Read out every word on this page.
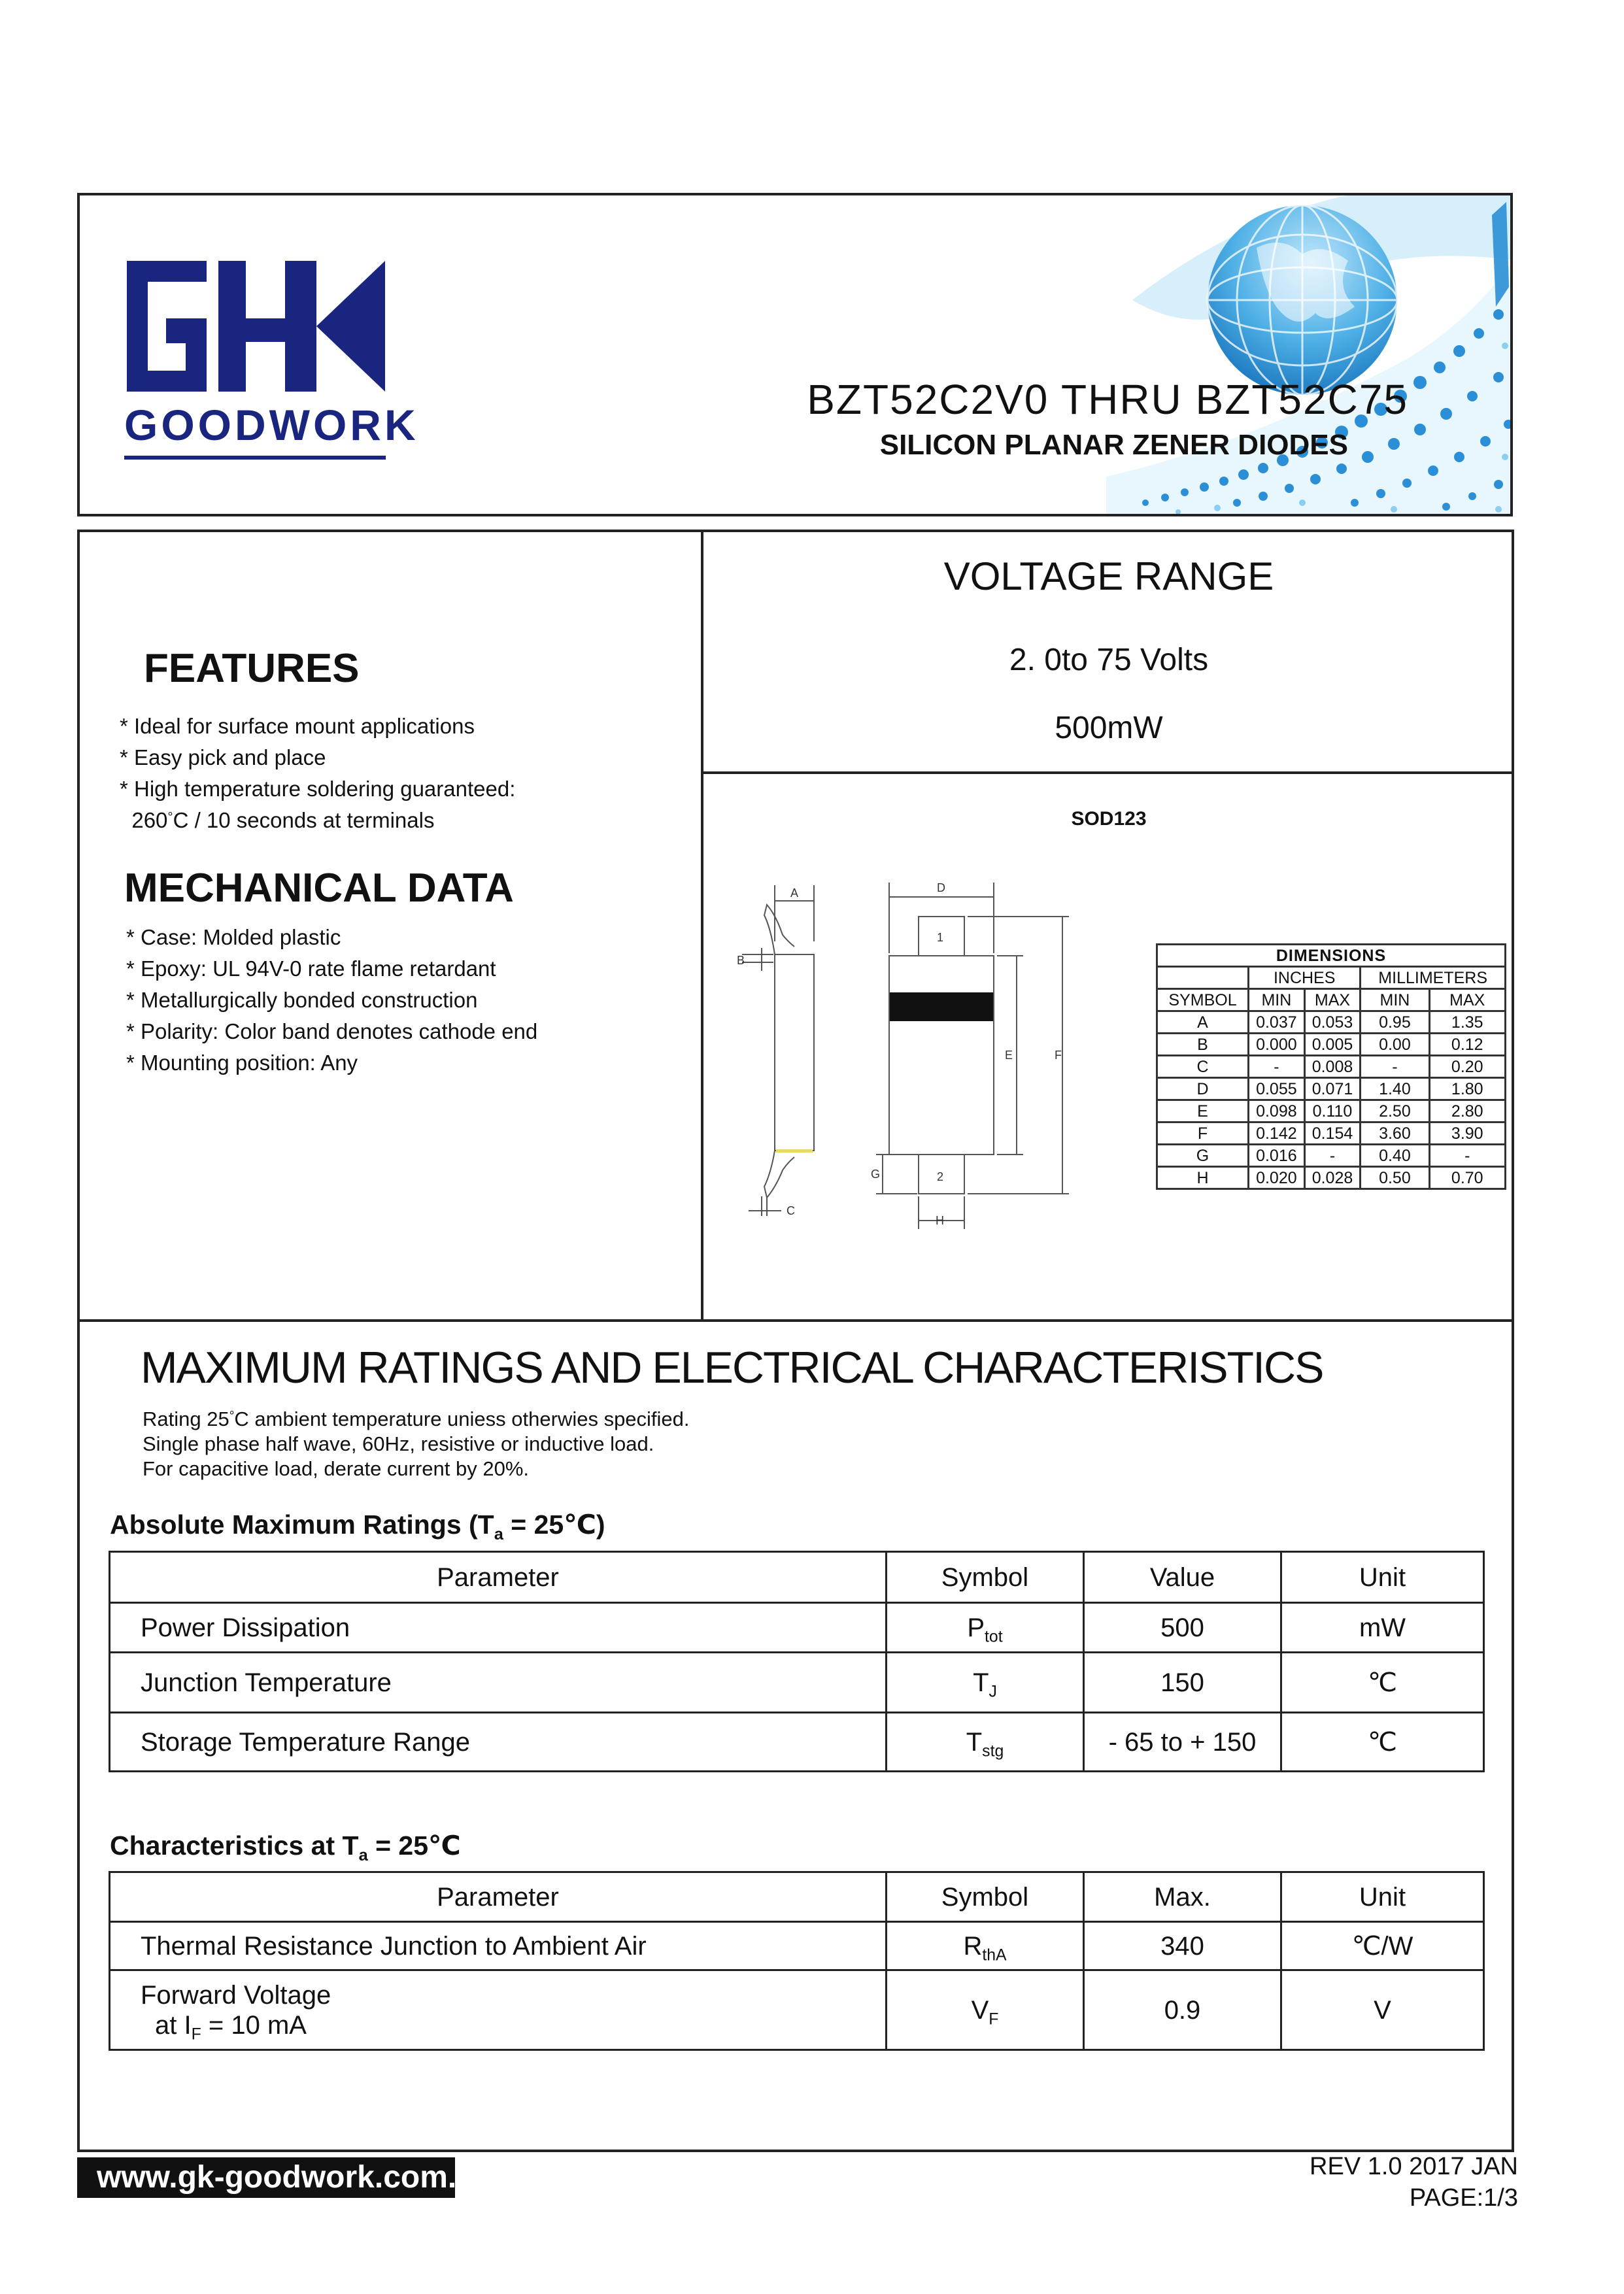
GOODWORK
BZT52C2V0 THRU BZT52C75
SILICON PLANAR ZENER DIODES
FEATURES
* Ideal for surface mount applications
* Easy pick and place
* High temperature soldering guaranteed:
260°C / 10 seconds at terminals
MECHANICAL DATA
* Case: Molded plastic
* Epoxy: UL 94V-0 rate flame retardant
* Metallurgically bonded construction
* Polarity: Color band denotes cathode end
* Mounting position: Any
VOLTAGE RANGE
2. 0to 75 Volts
500mW
SOD123
A
B
C
D
E	F
G
H
1
2
DIMENSIONS				
	INCHES		MILLIMETERS	
SYMBOL	MIN	MAX	MIN	MAX
A	0.037	0.053	0.95	1.35
B	0.000	0.005	0.00	0.12
C	-	0.008	-	0.20
D	0.055	0.071	1.40	1.80
E	0.098	0.110	2.50	2.80
F	0.142	0.154	3.60	3.90
G	0.016	-	0.40	-
H	0.020	0.028	0.50	0.70
MAXIMUM RATINGS AND ELECTRICAL CHARACTERISTICS
Rating 25°C ambient temperature uniess otherwies specified.
Single phase half wave, 60Hz, resistive or inductive load.
For capacitive load, derate current by 20%.
Absolute Maximum Ratings ($T_a$ = 25℃)
Parameter	Symbol	Value	Unit
Power Dissipation	$P_{tot}$	500	mW
Junction Temperature	$T_J$	150	℃
Storage Temperature Range	$T_{stg}$	- 65 to + 150	℃
Characteristics at $T_a$ = 25℃
Parameter	Symbol	Max.	Unit
Thermal Resistance Junction to Ambient Air	$R_{thA}$	340	℃/W

Forward Voltage
at $I_F = 10$ mA	$V_F$	0.9	V
www.gk-goodwork.com.	REV 1.0 2017 JAN
PAGE:1/3
